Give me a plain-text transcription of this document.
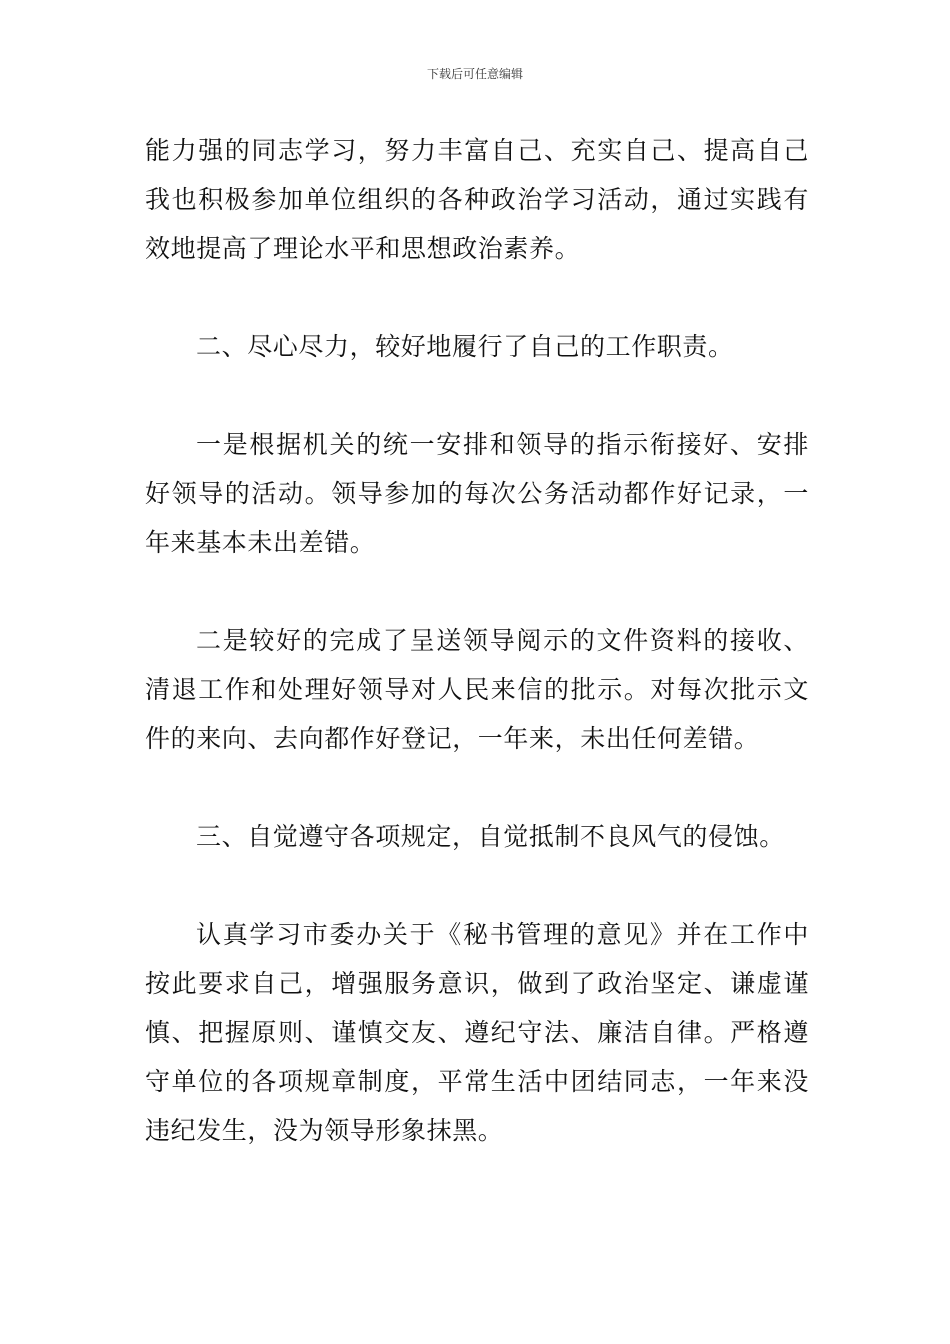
下载后可任意编辑

能力强的同志学习，努力丰富自己、充实自己、提高自己我也积极参加单位组织的各种政治学习活动，通过实践有效地提高了理论水平和思想政治素养。

二、尽心尽力，较好地履行了自己的工作职责。

一是根据机关的统一安排和领导的指示衔接好、安排好领导的活动。领导参加的每次公务活动都作好记录，一年来基本未出差错。

二是较好的完成了呈送领导阅示的文件资料的接收、清退工作和处理好领导对人民来信的批示。对每次批示文件的来向、去向都作好登记，一年来，未出任何差错。

三、自觉遵守各项规定，自觉抵制不良风气的侵蚀。

认真学习市委办关于《秘书管理的意见》并在工作中按此要求自己，增强服务意识，做到了政治坚定、谦虚谨慎、把握原则、谨慎交友、遵纪守法、廉洁自律。严格遵守单位的各项规章制度，平常生活中团结同志，一年来没违纪发生，没为领导形象抹黑。
